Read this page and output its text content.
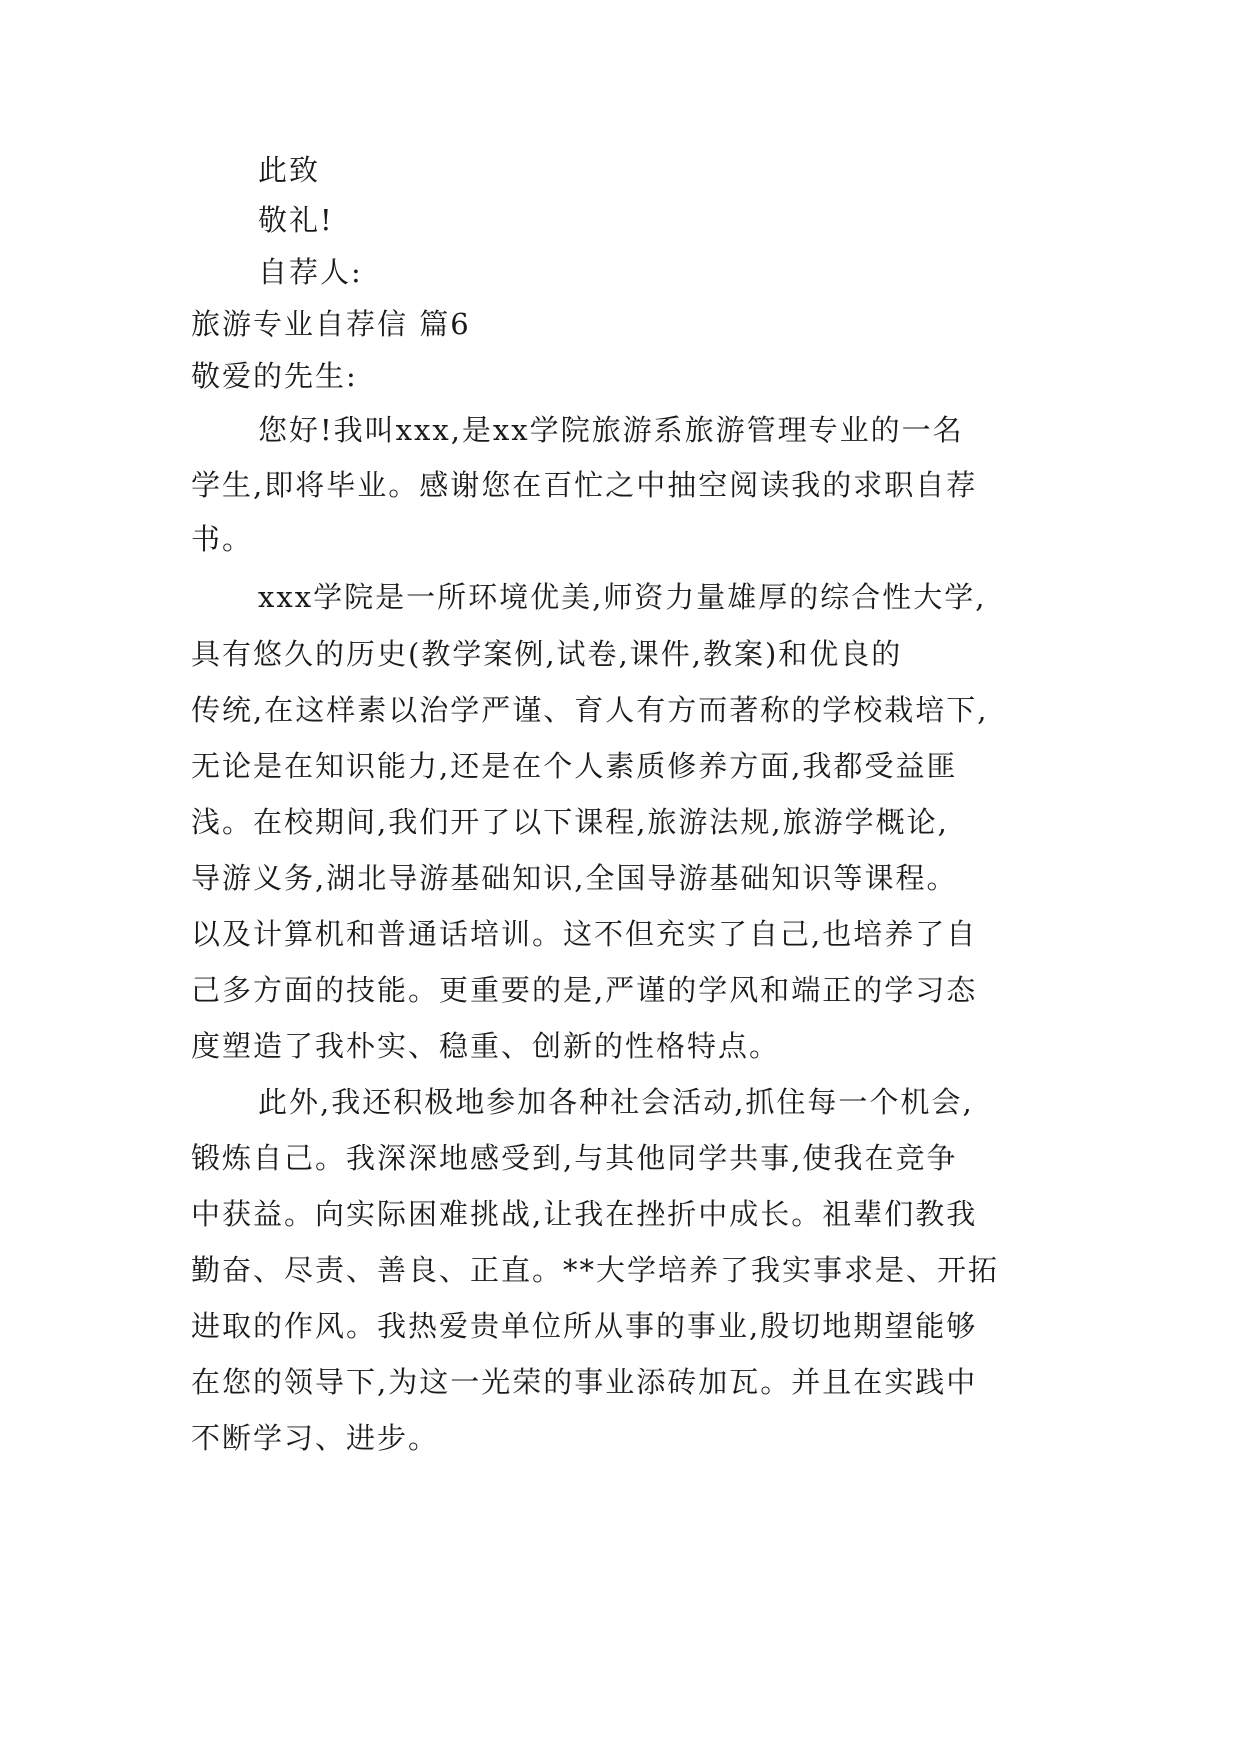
此致
敬礼!
自荐人:
旅游专业自荐信 篇6
敬爱的先生:
您好!我叫xxx,是xx学院旅游系旅游管理专业的一名
学生,即将毕业。感谢您在百忙之中抽空阅读我的求职自荐
书。
xxx学院是一所环境优美,师资力量雄厚的综合性大学,
具有悠久的历史(教学案例,试卷,课件,教案)和优良的
传统,在这样素以治学严谨、育人有方而著称的学校栽培下,
无论是在知识能力,还是在个人素质修养方面,我都受益匪
浅。在校期间,我们开了以下课程,旅游法规,旅游学概论,
导游义务,湖北导游基础知识,全国导游基础知识等课程。
以及计算机和普通话培训。这不但充实了自己,也培养了自
己多方面的技能。更重要的是,严谨的学风和端正的学习态
度塑造了我朴实、稳重、创新的性格特点。
此外,我还积极地参加各种社会活动,抓住每一个机会,
锻炼自己。我深深地感受到,与其他同学共事,使我在竞争
中获益。向实际困难挑战,让我在挫折中成长。祖辈们教我
勤奋、尽责、善良、正直。**大学培养了我实事求是、开拓
进取的作风。我热爱贵单位所从事的事业,殷切地期望能够
在您的领导下,为这一光荣的事业添砖加瓦。并且在实践中
不断学习、进步。
